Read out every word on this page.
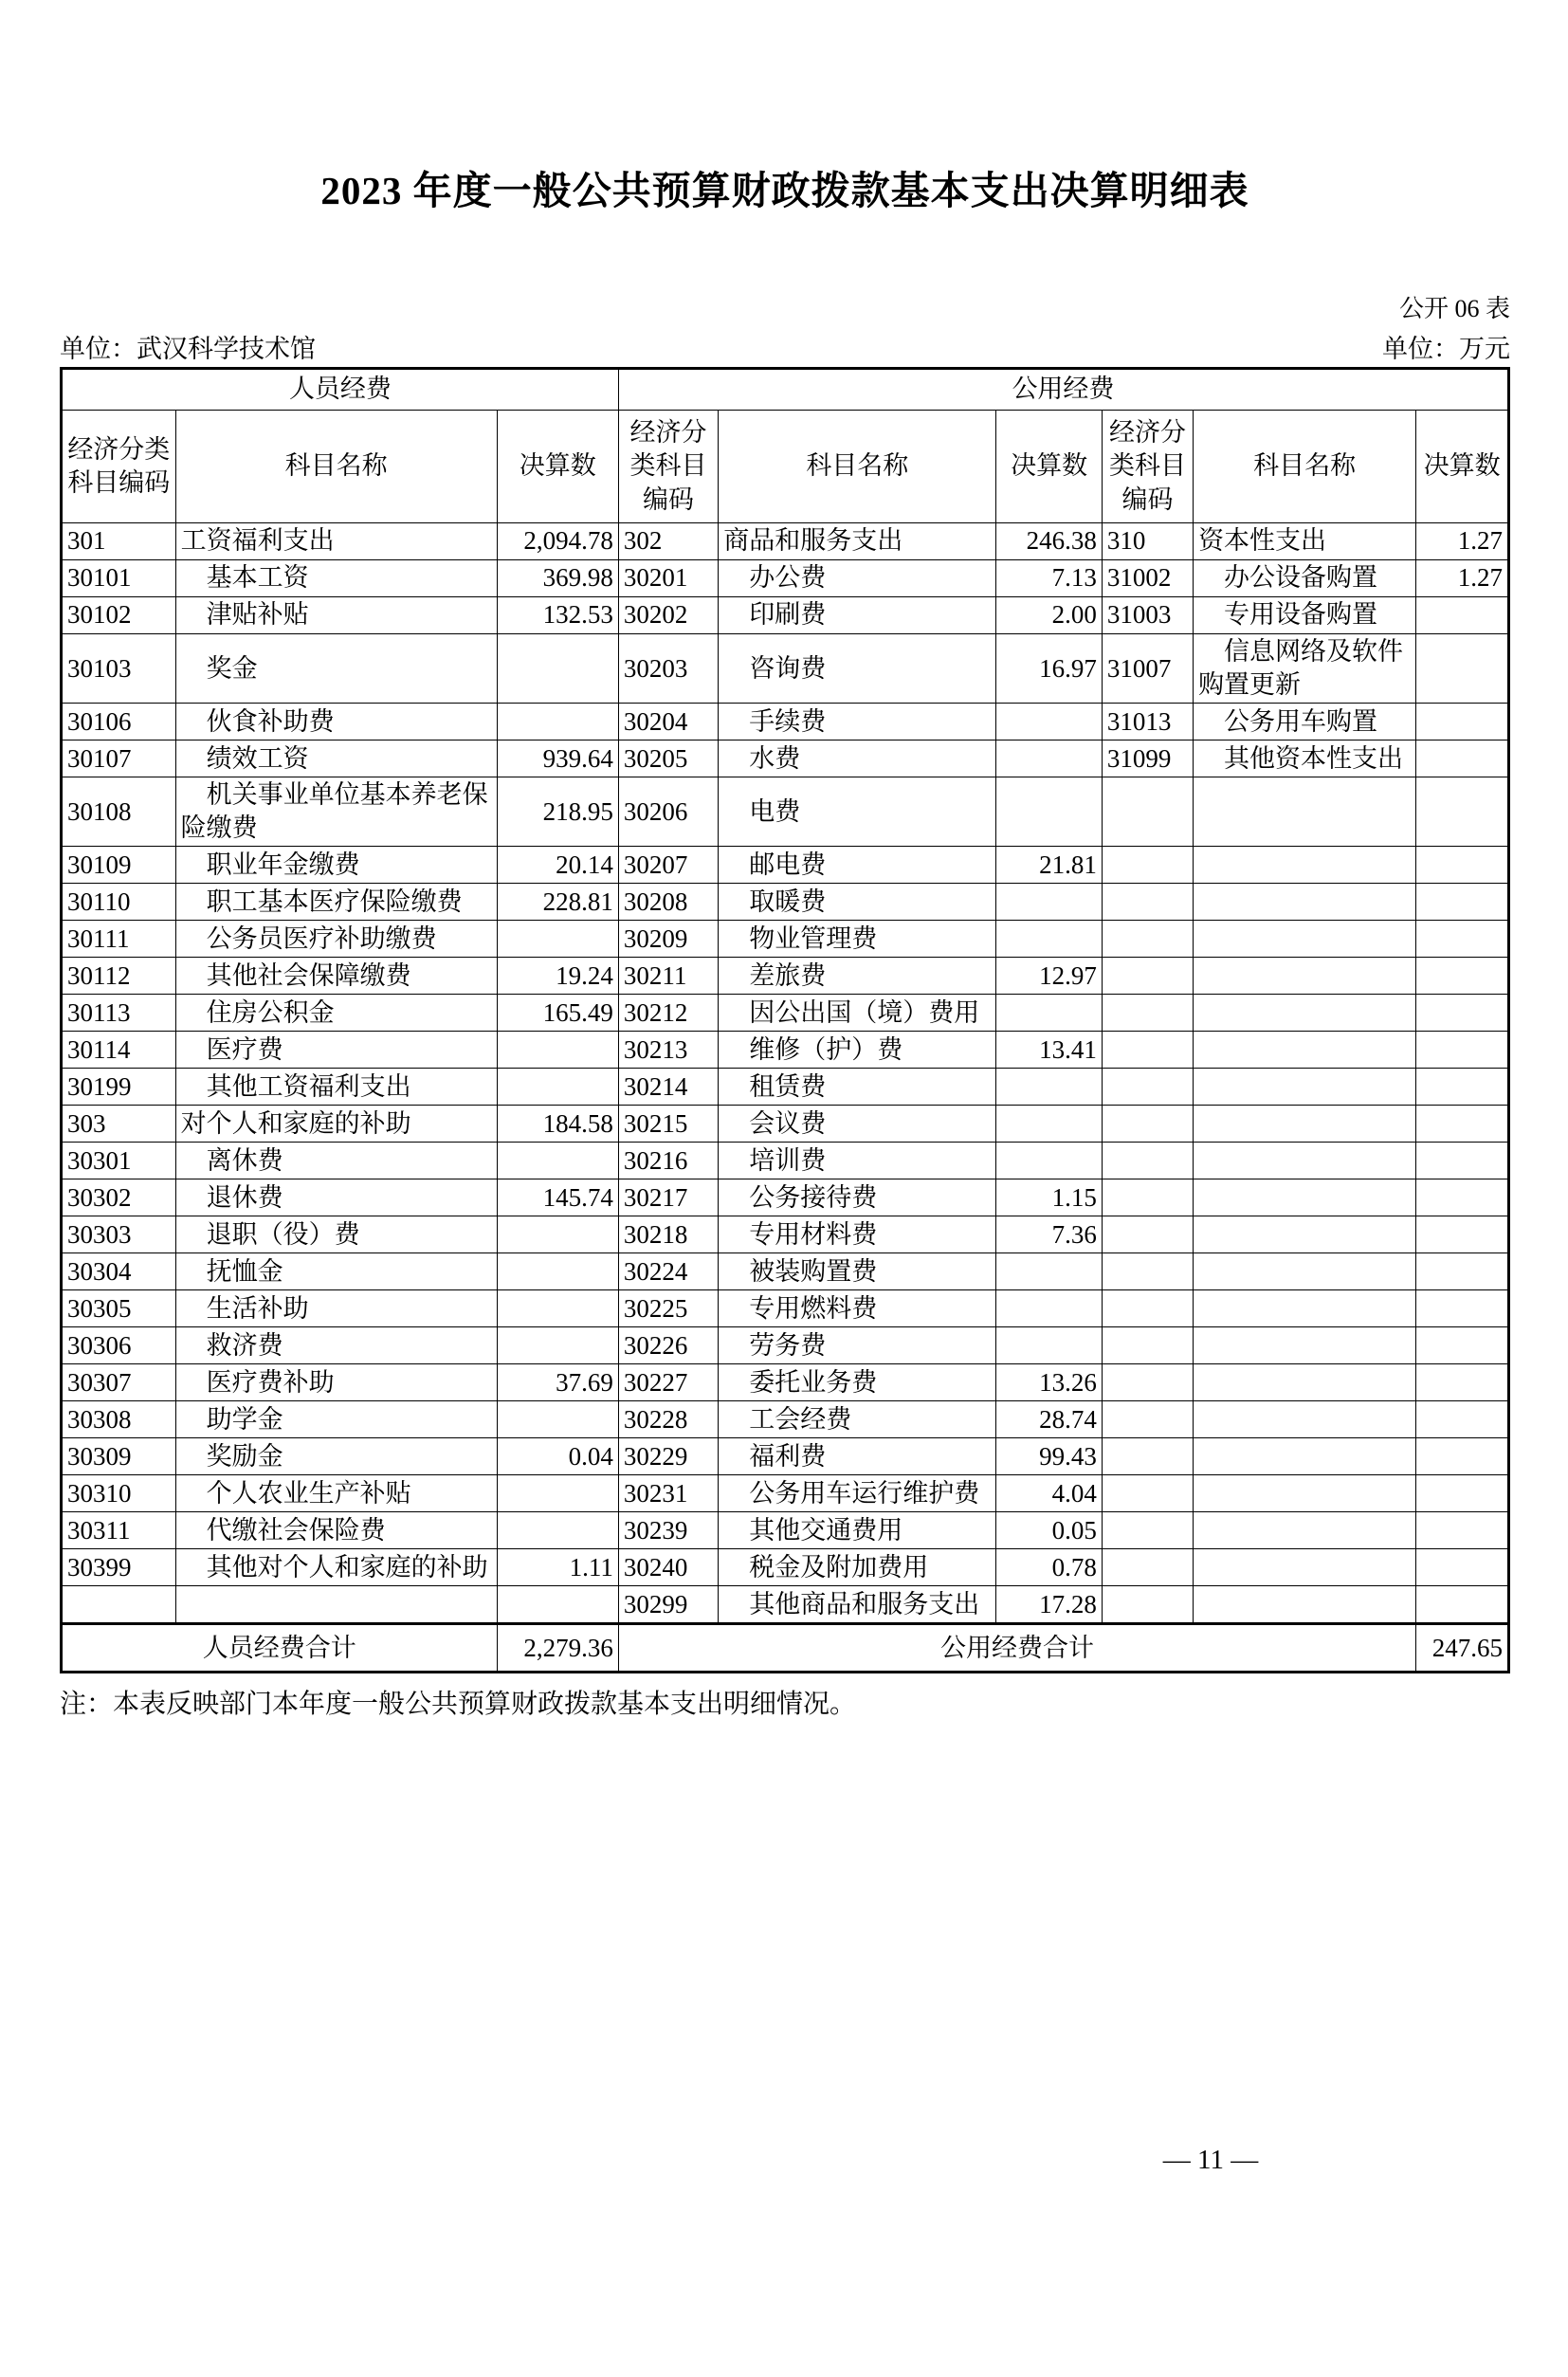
2023 年度一般公共预算财政拨款基本支出决算明细表
公开 06 表
单位：武汉科学技术馆	单位：万元
人员经费			公用经费					
经济分类科目编码	科目名称	决算数	经济分类科目编码	科目名称	决算数	经济分类科目编码	科目名称	决算数
301	工资福利支出	2,094.78	302	商品和服务支出	246.38	310	资本性支出	1.27
30101	　基本工资	369.98	30201	　办公费	7.13	31002	　办公设备购置	1.27
30102	　津贴补贴	132.53	30202	　印刷费	2.00	31003	　专用设备购置	
30103	　奖金		30203	　咨询费	16.97	31007	　信息网络及软件购置更新	
30106	　伙食补助费		30204	　手续费		31013	　公务用车购置	
30107	　绩效工资	939.64	30205	　水费		31099	　其他资本性支出	
30108	　机关事业单位基本养老保险缴费	218.95	30206	　电费				
30109	　职业年金缴费	20.14	30207	　邮电费	21.81			
30110	　职工基本医疗保险缴费	228.81	30208	　取暖费				
30111	　公务员医疗补助缴费		30209	　物业管理费				
30112	　其他社会保障缴费	19.24	30211	　差旅费	12.97			
30113	　住房公积金	165.49	30212	　因公出国（境）费用				
30114	　医疗费		30213	　维修（护）费	13.41			
30199	　其他工资福利支出		30214	　租赁费				
303	对个人和家庭的补助	184.58	30215	　会议费				
30301	　离休费		30216	　培训费				
30302	　退休费	145.74	30217	　公务接待费	1.15			
30303	　退职（役）费		30218	　专用材料费	7.36			
30304	　抚恤金		30224	　被装购置费				
30305	　生活补助		30225	　专用燃料费				
30306	　救济费		30226	　劳务费				
30307	　医疗费补助	37.69	30227	　委托业务费	13.26			
30308	　助学金		30228	　工会经费	28.74			
30309	　奖励金	0.04	30229	　福利费	99.43			
30310	　个人农业生产补贴		30231	　公务用车运行维护费	4.04			
30311	　代缴社会保险费		30239	　其他交通费用	0.05			
30399	　其他对个人和家庭的补助	1.11	30240	　税金及附加费用	0.78			
			30299	　其他商品和服务支出	17.28			
人员经费合计		2,279.36	公用经费合计					247.65
注：本表反映部门本年度一般公共预算财政拨款基本支出明细情况。
— 11 —
